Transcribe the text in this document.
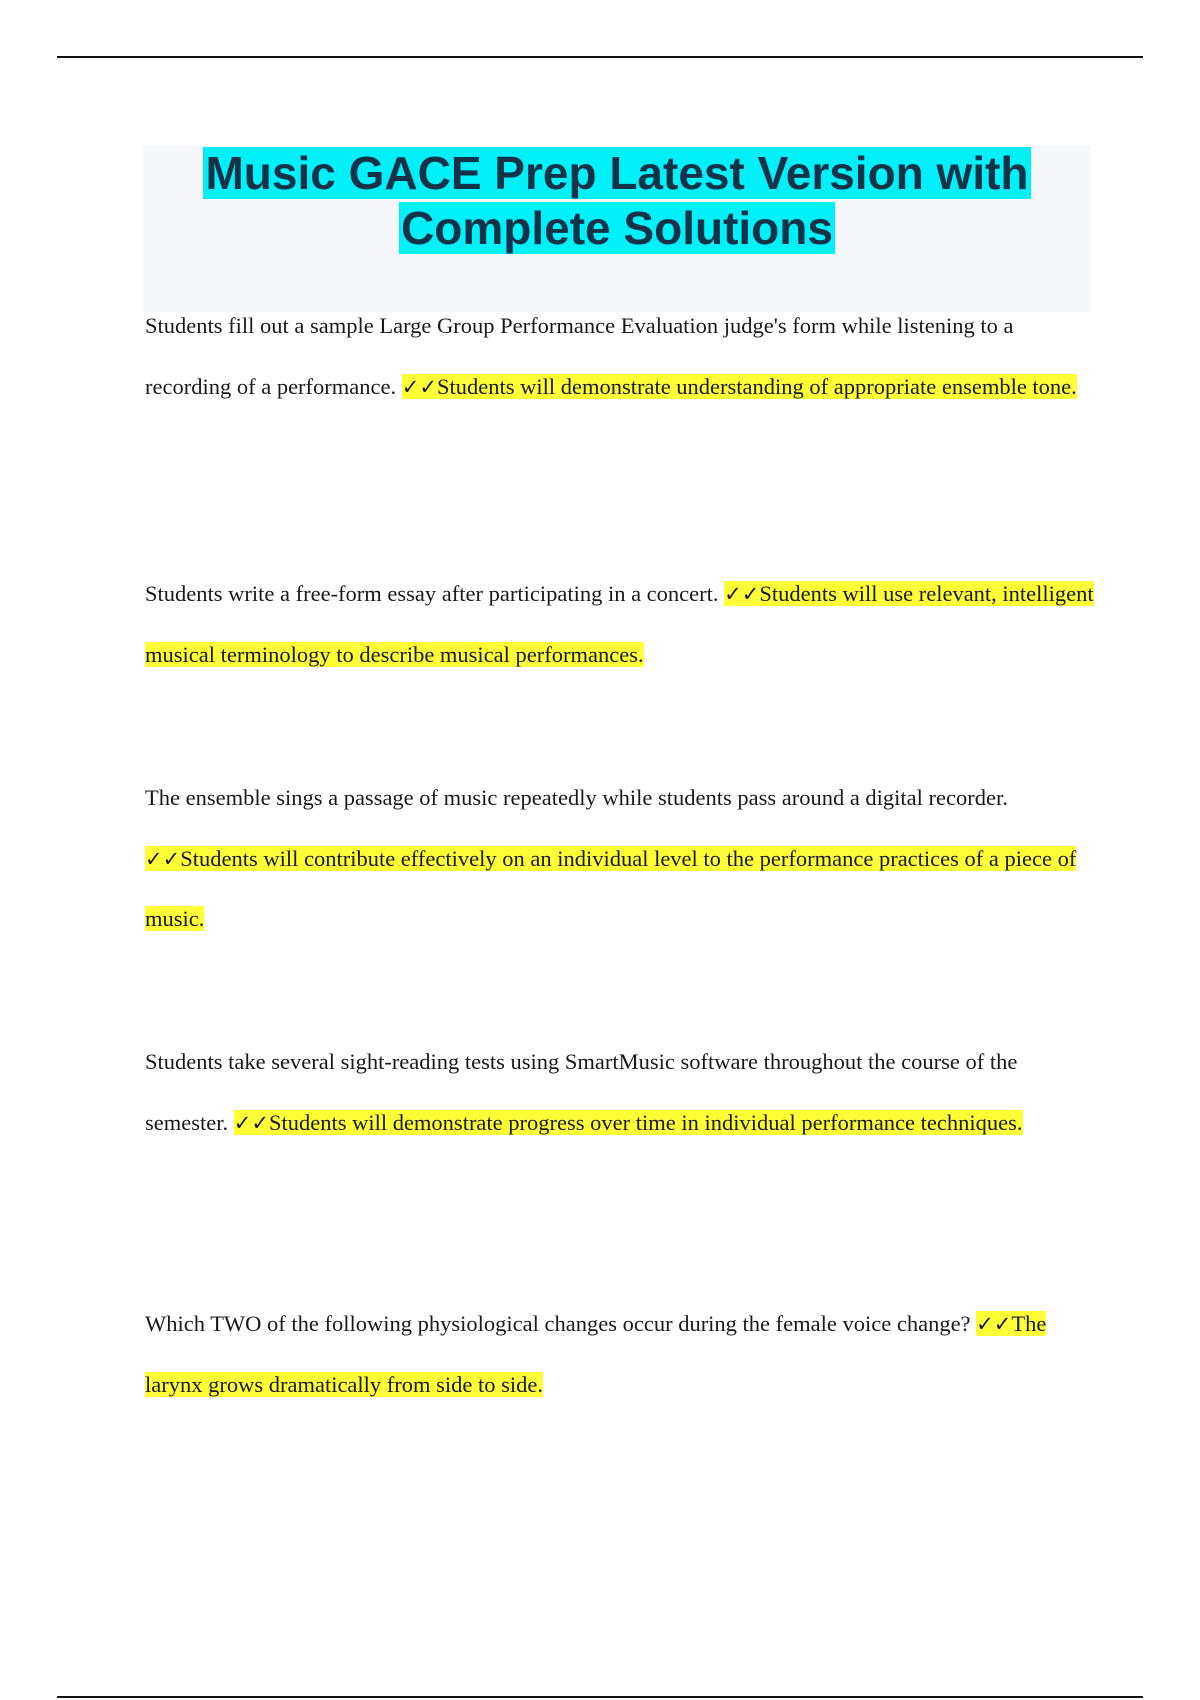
Music GACE Prep Latest Version with
Complete Solutions

Students fill out a sample Large Group Performance Evaluation judge's form while listening to a recording of a performance. ✓✓Students will demonstrate understanding of appropriate ensemble tone.

Students write a free-form essay after participating in a concert. ✓✓Students will use relevant, intelligent musical terminology to describe musical performances.

The ensemble sings a passage of music repeatedly while students pass around a digital recorder. ✓✓Students will contribute effectively on an individual level to the performance practices of a piece of music.

Students take several sight-reading tests using SmartMusic software throughout the course of the semester. ✓✓Students will demonstrate progress over time in individual performance techniques.

Which TWO of the following physiological changes occur during the female voice change? ✓✓The larynx grows dramatically from side to side.
